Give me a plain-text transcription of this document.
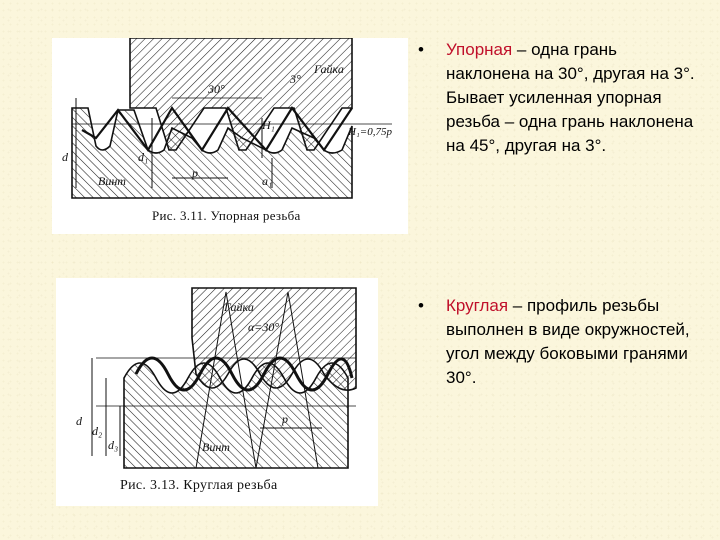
Гайка
Винт
30°
3°
d	d₁
a₁
H₁
p
H₁=0,75p
Рис. 3.11. Упорная резьба
Гайка
Винт
α=30°
d
d₂
d₃
p
Рис. 3.13. Круглая резьба
• Упорная – одна грань наклонена на 30°, другая на 3°. Бывает усиленная упорная резьба – одна грань наклонена на 45°, другая на 3°.
• Круглая – профиль резьбы выполнен в виде окружностей, угол между боковыми гранями 30°.
